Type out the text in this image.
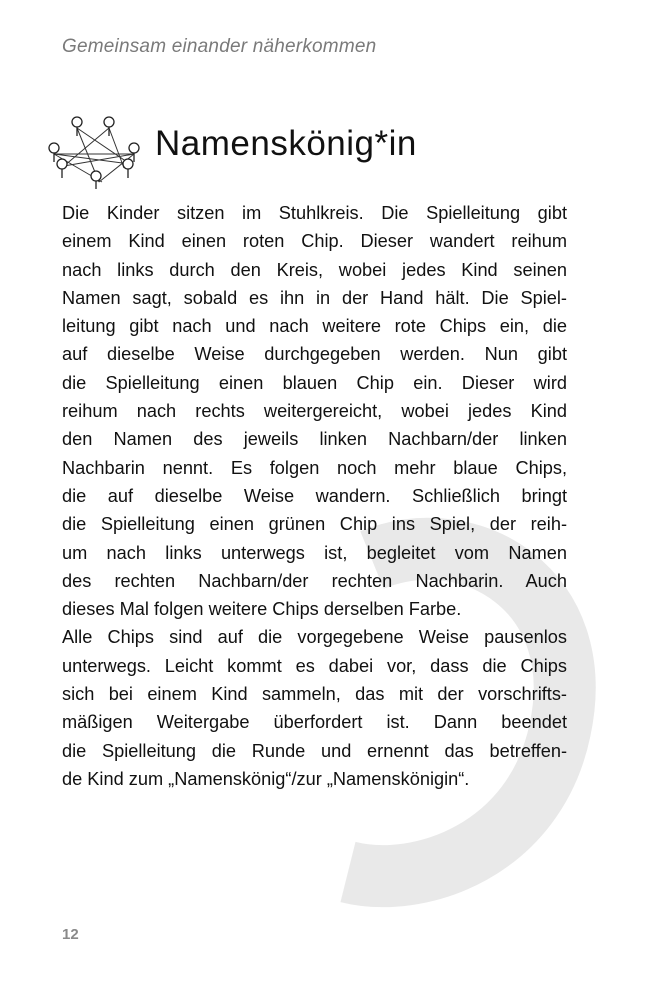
Gemeinsam einander näherkommen
Namenskönig*in
Die Kinder sitzen im Stuhlkreis. Die Spielleitung gibt
einem Kind einen roten Chip. Dieser wandert reihum
nach links durch den Kreis, wobei jedes Kind seinen
Namen sagt, sobald es ihn in der Hand hält. Die Spiel-
leitung gibt nach und nach weitere rote Chips ein, die
auf dieselbe Weise durchgegeben werden. Nun gibt
die Spielleitung einen blauen Chip ein. Dieser wird
reihum nach rechts weitergereicht, wobei jedes Kind
den Namen des jeweils linken Nachbarn/der linken
Nachbarin nennt. Es folgen noch mehr blaue Chips,
die auf dieselbe Weise wandern. Schließlich bringt
die Spielleitung einen grünen Chip ins Spiel, der reih-
um nach links unterwegs ist, begleitet vom Namen
des rechten Nachbarn/der rechten Nachbarin. Auch
dieses Mal folgen weitere Chips derselben Farbe.
Alle Chips sind auf die vorgegebene Weise pausenlos
unterwegs. Leicht kommt es dabei vor, dass die Chips
sich bei einem Kind sammeln, das mit der vorschrifts-
mäßigen Weitergabe überfordert ist. Dann beendet
die Spielleitung die Runde und ernennt das betreffen-
de Kind zum „Namenskönig“/zur „Namenskönigin“.
12
